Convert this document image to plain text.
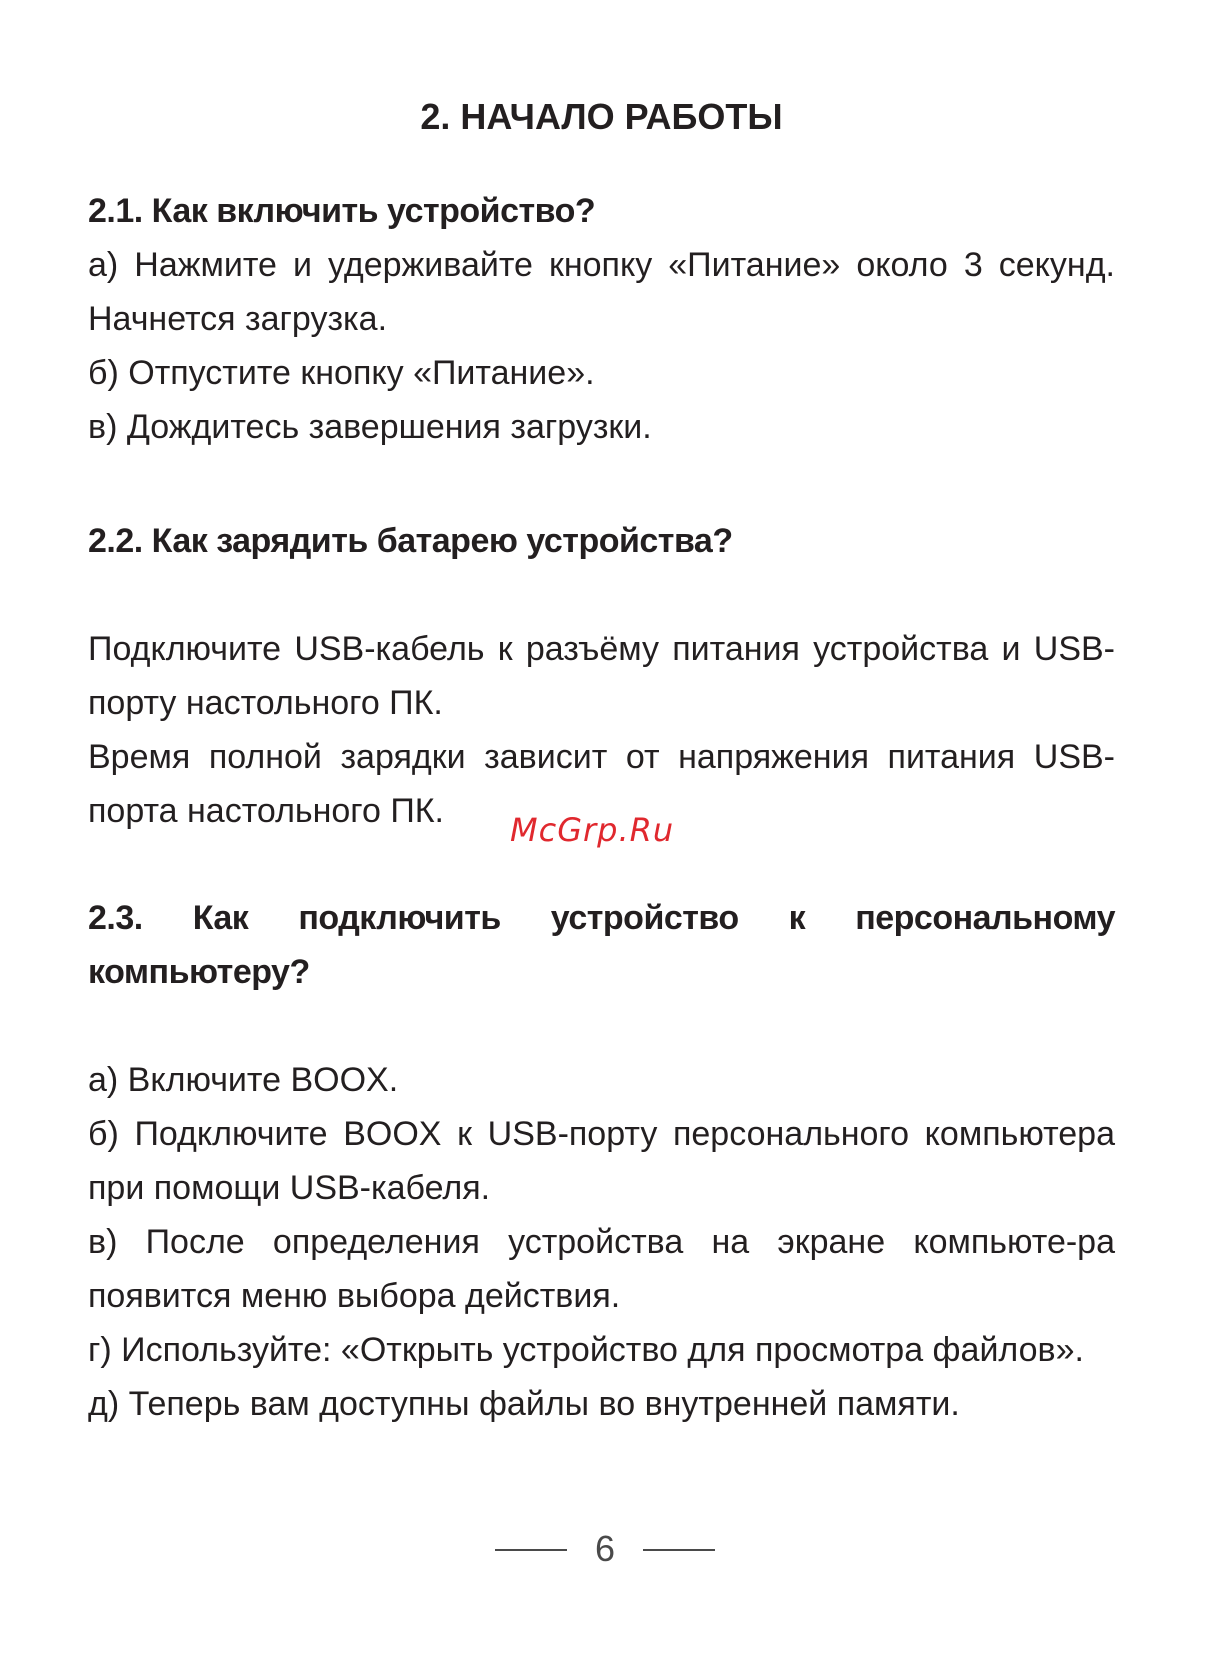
2. НАЧАЛО РАБОТЫ

2.1. Как включить устройство?

а) Нажмите и удерживайте кнопку «Питание» около 3 секунд. Начнется загрузка.

б) Отпустите кнопку «Питание».

в) Дождитесь завершения загрузки.

2.2. Как зарядить батарею устройства?

Подключите USB-кабель к разъёму питания устройства и USB-порту настольного ПК.

Время полной зарядки зависит от напряжения питания USB-порта настольного ПК.

2.3. Как подключить устройство к персональному компьютеру?

а) Включите BOOX.

б) Подключите BOOX к USB-порту персонального компьютера при помощи USB-кабеля.

в) После определения устройства на экране компьюте-ра появится меню выбора действия.

г) Используйте: «Открыть устройство для просмотра файлов».

д) Теперь вам доступны файлы во внутренней памяти.

McGrp.Ru
6
